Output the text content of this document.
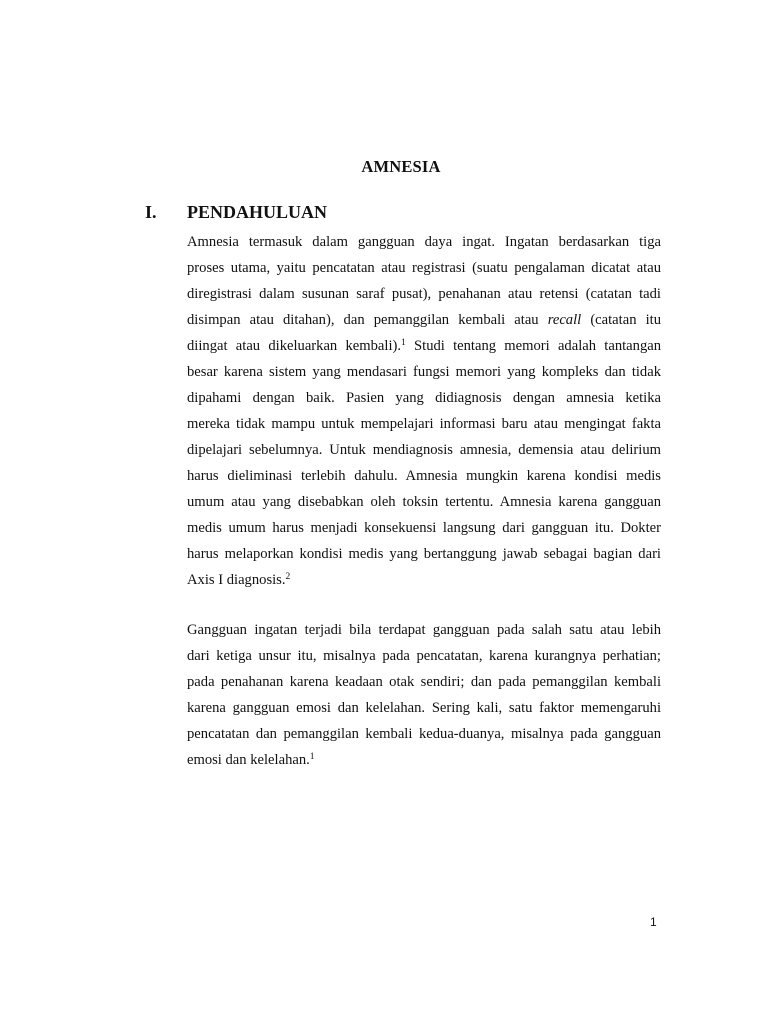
AMNESIA
I. PENDAHULUAN
Amnesia termasuk dalam gangguan daya ingat. Ingatan berdasarkan tiga
proses utama, yaitu pencatatan atau registrasi (suatu pengalaman dicatat atau
diregistrasi dalam susunan saraf pusat), penahanan atau retensi (catatan tadi
disimpan atau ditahan), dan pemanggilan kembali atau recall (catatan itu
diingat atau dikeluarkan kembali).$^1$ Studi tentang memori adalah tantangan
besar karena sistem yang mendasari fungsi memori yang kompleks dan tidak
dipahami dengan baik. Pasien yang didiagnosis dengan amnesia ketika
mereka tidak mampu untuk mempelajari informasi baru atau mengingat fakta
dipelajari sebelumnya. Untuk mendiagnosis amnesia, demensia atau delirium
harus dieliminasi terlebih dahulu. Amnesia mungkin karena kondisi medis
umum atau yang disebabkan oleh toksin tertentu. Amnesia karena gangguan
medis umum harus menjadi konsekuensi langsung dari gangguan itu. Dokter
harus melaporkan kondisi medis yang bertanggung jawab sebagai bagian dari
Axis I diagnosis.$^2$
Gangguan ingatan terjadi bila terdapat gangguan pada salah satu atau lebih
dari ketiga unsur itu, misalnya pada pencatatan, karena kurangnya perhatian;
pada penahanan karena keadaan otak sendiri; dan pada pemanggilan kembali
karena gangguan emosi dan kelelahan. Sering kali, satu faktor memengaruhi
pencatatan dan pemanggilan kembali kedua-duanya, misalnya pada gangguan
emosi dan kelelahan.$^1$

1
